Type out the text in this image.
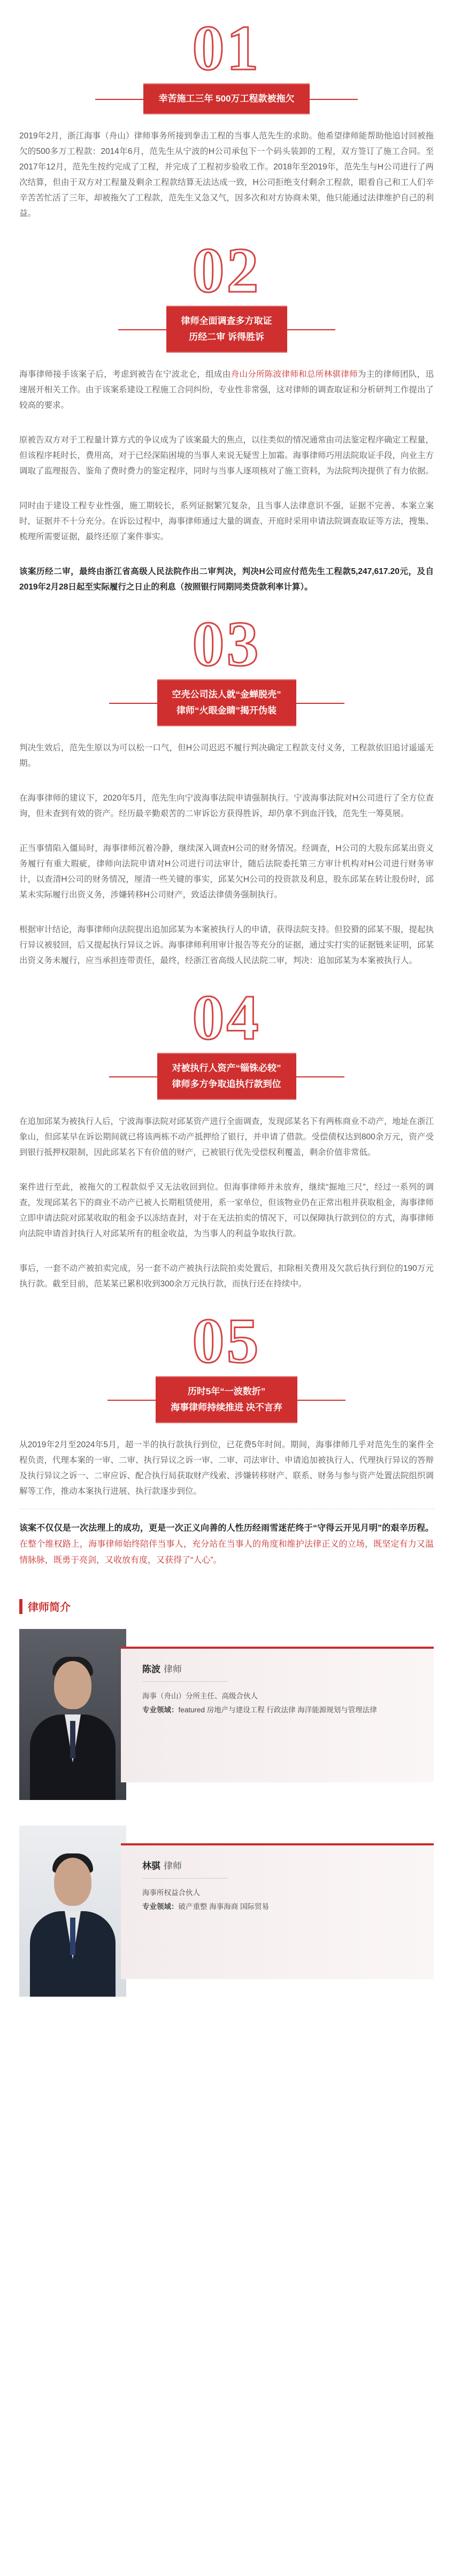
01
幸苦施工三年 500万工程款被拖欠
2019年2月，浙江海事（舟山）律师事务所接到拳击工程的当事人范先生的求助。他希望律师能帮助他追讨回被拖欠的500多万工程款：2014年6月，范先生从宁波的H公司承包下一个码头装卸的工程，双方签订了施工合同。至2017年12月，范先生按约完成了工程，并完成了工程初步验收工作。2018年至2019年，范先生与H公司进行了两次结算，但由于双方对工程量及剩余工程款结算无法达成一致，H公司拒绝支付剩余工程款，眼看自己和工人们辛辛苦苦忙活了三年，却被拖欠了工程款，范先生又急又气，因多次和对方协商未果，他只能通过法律维护自己的利益。
02
律师全面调查多方取证
历经二审 诉得胜诉
海事律师接手该案子后，考虑到被告在宁波北仑，组成由舟山分所陈波律师和总所林骐律师为主的律师团队，迅速展开相关工作。由于该案系建设工程施工合同纠纷，专业性非常强，这对律师的调查取证和分析研判工作提出了较高的要求。
原被告双方对于工程量计算方式的争议成为了该案最大的焦点，以往类似的情况通常由司法鉴定程序确定工程量，但该程序耗时长，费用高，对于已经深陷困境的当事人来说无疑雪上加霜。海事律师巧用法院取证手段，向业主方调取了监理报告、鉴角了费时费力的鉴定程序，同时与当事人逐项核对了施工资料，为法院判决提供了有力依据。
同时由于建设工程专业性强，施工期较长，系列证据繁冗复杂，且当事人法律意识不强，证据不完善、本案立案时，证据并不十分充分。在诉讼过程中，海事律师通过大量的调查、开庭时采用申请法院调查取证等方法，搜集、梳理所需要证据，最终还原了案件事实。
该案历经二审，最终由浙江省高级人民法院作出二审判决，判决H公司应付范先生工程款5,247,617.20元，及自2019年2月28日起至实际履行之日止的利息（按照银行同期同类贷款利率计算）。
03
空壳公司法人就“金蝉脱壳”
律师“火眼金睛”揭开伪装
判决生效后，范先生原以为可以松一口气，但H公司迟迟不履行判决确定工程款支付义务，工程款依旧追讨遥遥无期。
在海事律师的建议下，2020年5月，范先生向宁波海事法院申请强制执行。宁波海事法院对H公司进行了全方位查询，但未查到有效的资产。经历最辛勤艰苦的二审诉讼方获得胜诉，却仍拿不到血汗钱，范先生一筹莫展。
正当事情陷入僵局时，海事律师沉着冷静，继续深入调查H公司的财务情况。经调查，H公司的大股东邱某出资义务履行有重大瑕疵，律师向法院申请对H公司进行司法审计，随后法院委托第三方审计机构对H公司进行财务审计，以查清H公司的财务情况，厘清一些关键的事实，邱某欠H公司的投资款及利息，股东邱某在转让股份时，邱某未实际履行出资义务，涉嫌转移H公司财产，致适法律债务强制执行。
根据审计结论，海事律师向法院提出追加邱某为本案被执行人的申请，获得法院支持。但狡猾的邱某不服，提起执行异议被驳回，后又提起执行异议之诉。海事律师利用审计报告等充分的证据，通过实打实的证据链来证明，邱某出资义务未履行，应当承担连带责任，最终，经浙江省高级人民法院二审，判决：追加邱某为本案被执行人。
04
对被执行人资产“锱铢必较”
律师多方争取追执行款到位
在追加邱某为被执行人后，宁波海事法院对邱某资产进行全面调查，发现邱某名下有两栋商业不动产，地址在浙江象山，但邱某早在诉讼期间就已将该两栋不动产抵押给了银行，并申请了借款。受偿债权达到800余万元，资产受到银行抵押权限制，因此邱某名下有价值的财产，已被银行优先受偿权利覆盖，剩余价值非常低。
案件进行至此，被拖欠的工程款似乎又无法收回到位。但海事律师并未放弃，继续“掘地三尺”，经过一系列的调查，发现邱某名下的商业不动产已被人长期租赁使用，系一家单位，但该物业仍在正常出租并获取租金，海事律师立即申请法院对邱某收取的租金予以冻结查封，对于在无法拍卖的情况下，可以保障执行款到位的方式，海事律师向法院申请首封执行人对邱某所有的租金收益，为当事人的利益争取执行款。
事后，一套不动产被拍卖完成，另一套不动产被执行法院拍卖处置后，扣除相关费用及欠款后执行到位的190万元执行款。截至目前，范某某已累积收到300余万元执行款，而执行还在持续中。
05
历时5年“一波数折”
海事律师持续推进 决不言弃
从2019年2月至2024年5月，超一半的执行款执行到位，已花费5年时间。期间，海事律师几乎对范先生的案件全程负责，代理本案的一审、二审、执行异议之诉一审、二审、司法审计、申请追加被执行人、代理执行异议的答辩及执行异议之诉一、二审应诉、配合执行局获取财产线索、涉嫌转移财产、联系、财务与参与资产处置法院组织调解等工作，推动本案执行进展、执行款逐步到位。
该案不仅仅是一次法理上的成功，更是一次正义向善的人性历经雨雪迷茫终于“守得云开见月明”的艰辛历程。在整个维权路上，海事律师始终陪伴当事人，充分站在当事人的角度和维护法律正义的立场，既坚定有力又温情脉脉，既勇于亮剑，又收放有度，又获得了“人心”。
律师简介
陈波 律师
海事（舟山）分所主任、高级合伙人
专业领域：featured 房地产与建设工程 行政法律 海洋能源规划与管理法律
林骐 律师
海事所权益合伙人
专业领域：破产重整 海事海商 国际贸易
